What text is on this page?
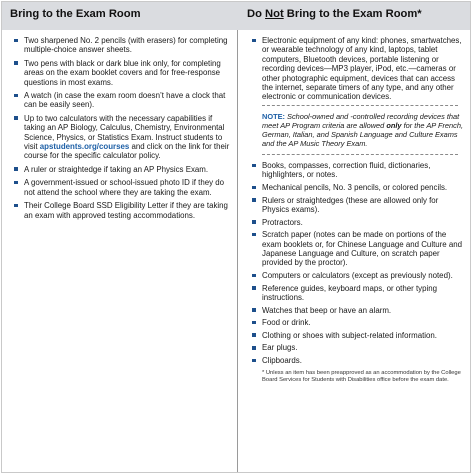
Bring to the Exam Room	Do Not Bring to the Exam Room*
Two sharpened No. 2 pencils (with erasers) for completing multiple-choice answer sheets.
Two pens with black or dark blue ink only, for completing areas on the exam booklet covers and for free-response questions in most exams.
A watch (in case the exam room doesn’t have a clock that can be easily seen).
Up to two calculators with the necessary capabilities if taking an AP Biology, Calculus, Chemistry, Environmental Science, Physics, or Statistics Exam. Instruct students to visit apstudents.org/courses and click on the link for their course for the specific calculator policy.
A ruler or straightedge if taking an AP Physics Exam.
A government-issued or school-issued photo ID if they do not attend the school where they are taking the exam.
Their College Board SSD Eligibility Letter if they are taking an exam with approved testing accommodations.
Electronic equipment of any kind: phones, smartwatches, or wearable technology of any kind, laptops, tablet computers, Bluetooth devices, portable listening or recording devices—MP3 player, iPod, etc.—cameras or other photographic equipment, devices that can access the internet, separate timers of any type, and any other electronic or communication devices.
NOTE: School-owned and -controlled recording devices that meet AP Program criteria are allowed only for the AP French, German, Italian, and Spanish Language and Culture Exams and the AP Music Theory Exam.
Books, compasses, correction fluid, dictionaries, highlighters, or notes.
Mechanical pencils, No. 3 pencils, or colored pencils.
Rulers or straightedges (these are allowed only for Physics exams).
Protractors.
Scratch paper (notes can be made on portions of the exam booklets or, for Chinese Language and Culture and Japanese Language and Culture, on scratch paper provided by the proctor).
Computers or calculators (except as previously noted).
Reference guides, keyboard maps, or other typing instructions.
Watches that beep or have an alarm.
Food or drink.
Clothing or shoes with subject-related information.
Ear plugs.
Clipboards.
* Unless an item has been preapproved as an accommodation by the College Board Services for Students with Disabilities office before the exam date.
